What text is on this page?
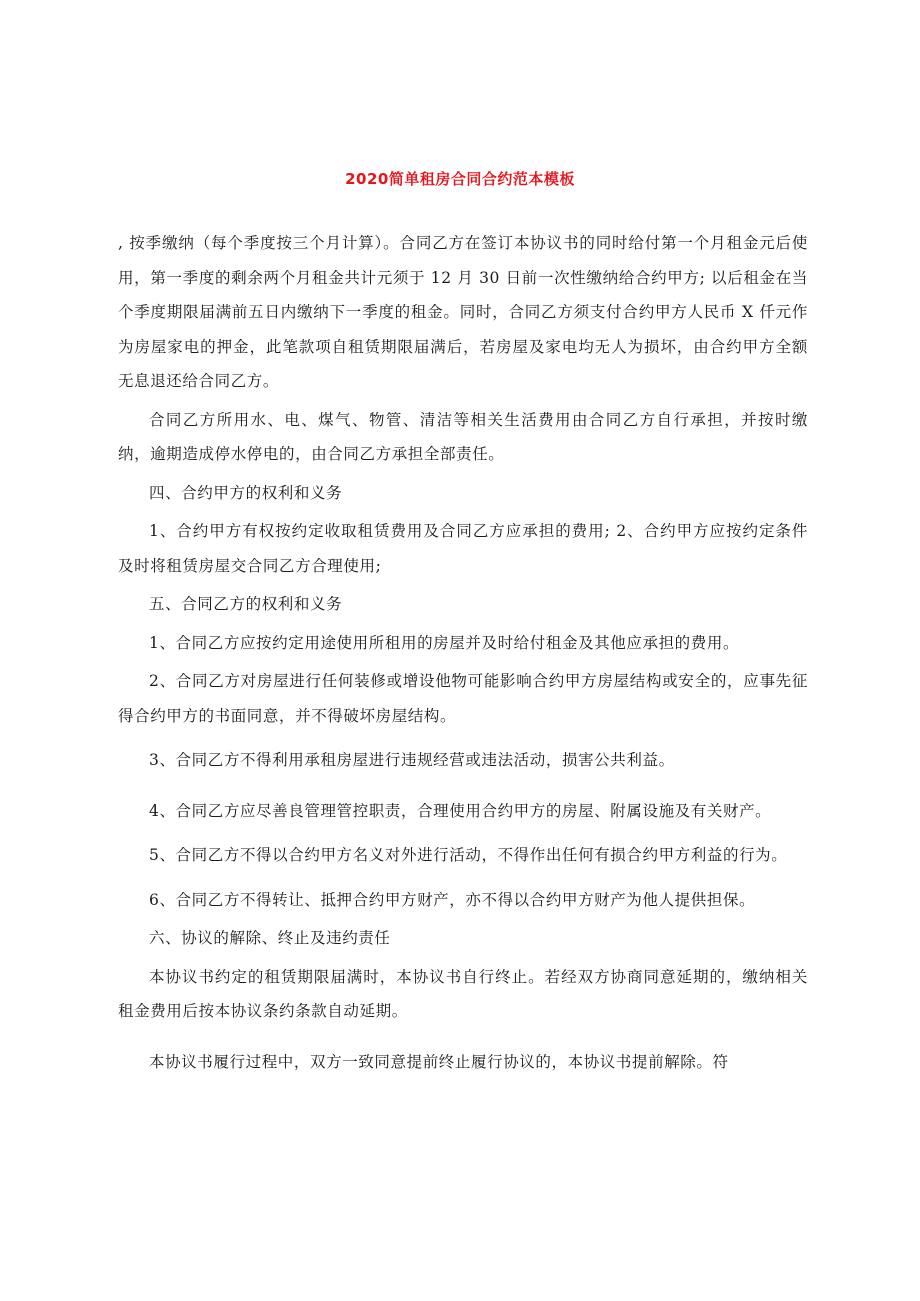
2020简单租房合同合约范本模板

, 按季缴纳（每个季度按三个月计算）。合同乙方在签订本协议书的同时给付第一个月租金元后使用，第一季度的剩余两个月租金共计元须于 12 月 30 日前一次性缴纳给合约甲方; 以后租金在当个季度期限届满前五日内缴纳下一季度的租金。同时，合同乙方须支付合约甲方人民币 X 仟元作为房屋家电的押金，此笔款项自租赁期限届满后，若房屋及家电均无人为损坏，由合约甲方全额无息退还给合同乙方。

合同乙方所用水、电、煤气、物管、清洁等相关生活费用由合同乙方自行承担，并按时缴纳，逾期造成停水停电的，由合同乙方承担全部责任。

四、合约甲方的权利和义务

1、合约甲方有权按约定收取租赁费用及合同乙方应承担的费用; 2、合约甲方应按约定条件及时将租赁房屋交合同乙方合理使用;

五、合同乙方的权利和义务

1、合同乙方应按约定用途使用所租用的房屋并及时给付租金及其他应承担的费用。

2、合同乙方对房屋进行任何装修或增设他物可能影响合约甲方房屋结构或安全的，应事先征得合约甲方的书面同意，并不得破坏房屋结构。

3、合同乙方不得利用承租房屋进行违规经营或违法活动，损害公共利益。

4、合同乙方应尽善良管理管控职责，合理使用合约甲方的房屋、附属设施及有关财产。

5、合同乙方不得以合约甲方名义对外进行活动，不得作出任何有损合约甲方利益的行为。

6、合同乙方不得转让、抵押合约甲方财产，亦不得以合约甲方财产为他人提供担保。

六、协议的解除、终止及违约责任

本协议书约定的租赁期限届满时，本协议书自行终止。若经双方协商同意延期的，缴纳相关租金费用后按本协议条约条款自动延期。

本协议书履行过程中，双方一致同意提前终止履行协议的，本协议书提前解除。符
